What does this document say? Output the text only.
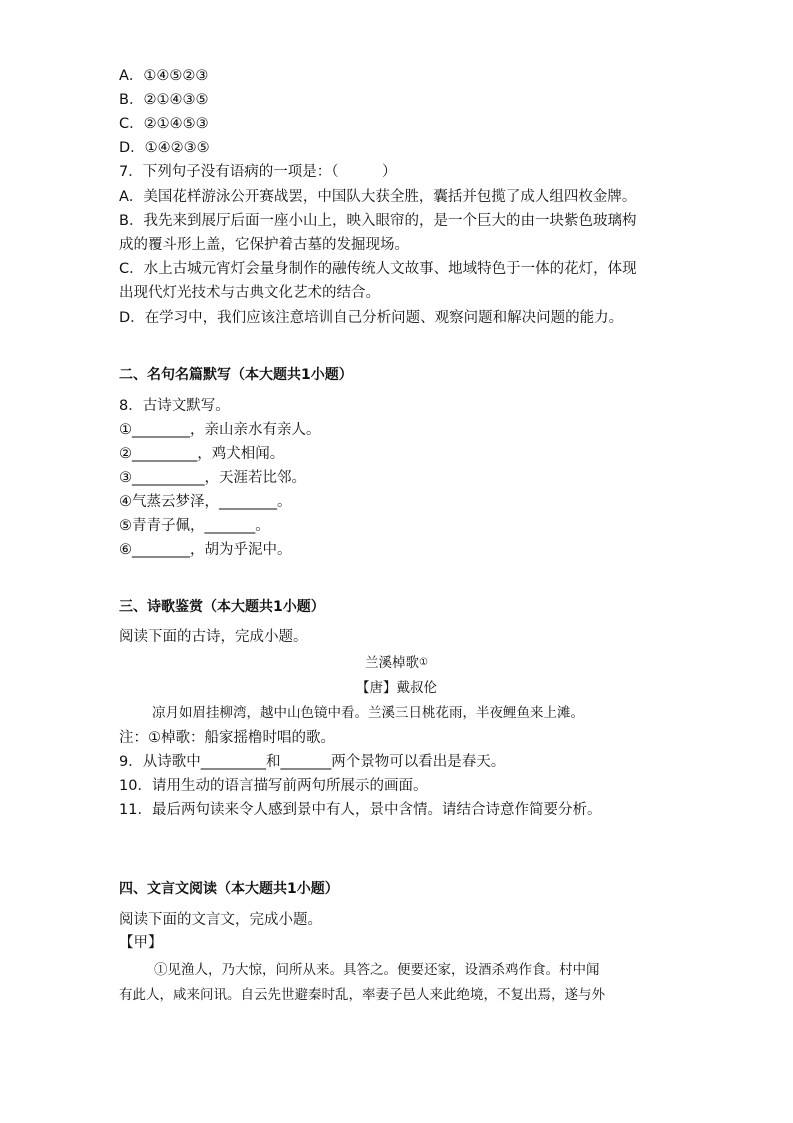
A．①④⑤②③
B．②①④③⑤
C．②①④⑤③
D．①④②③⑤
7．下列句子没有语病的一项是：（　　　）
A．美国花样游泳公开赛战罢，中国队大获全胜，囊括并包揽了成人组四枚金牌。
B．我先来到展厅后面一座小山上，映入眼帘的，是一个巨大的由一块紫色玻璃构
成的覆斗形上盖，它保护着古墓的发掘现场。
C．水上古城元宵灯会量身制作的融传统人文故事、地域特色于一体的花灯，体现
出现代灯光技术与古典文化艺术的结合。
D．在学习中，我们应该注意培训自己分析问题、观察问题和解决问题的能力。
二、名句名篇默写（本大题共1小题）
8．古诗文默写。
①________，亲山亲水有亲人。
②_________，鸡犬相闻。
③__________，天涯若比邻。
④气蒸云梦泽，________。
⑤青青子佩，_______。
⑥________，胡为乎泥中。
三、诗歌鉴赏（本大题共1小题）
阅读下面的古诗，完成小题。
兰溪棹歌①
【唐】戴叔伦
凉月如眉挂柳湾，越中山色镜中看。兰溪三日桃花雨，半夜鲤鱼来上滩。
注：①棹歌：船家摇橹时唱的歌。
9．从诗歌中_________和_______两个景物可以看出是春天。
10．请用生动的语言描写前两句所展示的画面。
11．最后两句读来令人感到景中有人，景中含情。请结合诗意作简要分析。
四、文言文阅读（本大题共1小题）
阅读下面的文言文，完成小题。
【甲】
①见渔人，乃大惊，问所从来。具答之。便要还家，设酒杀鸡作食。村中闻
有此人，咸来问讯。自云先世避秦时乱，率妻子邑人来此绝境，不复出焉，遂与外
